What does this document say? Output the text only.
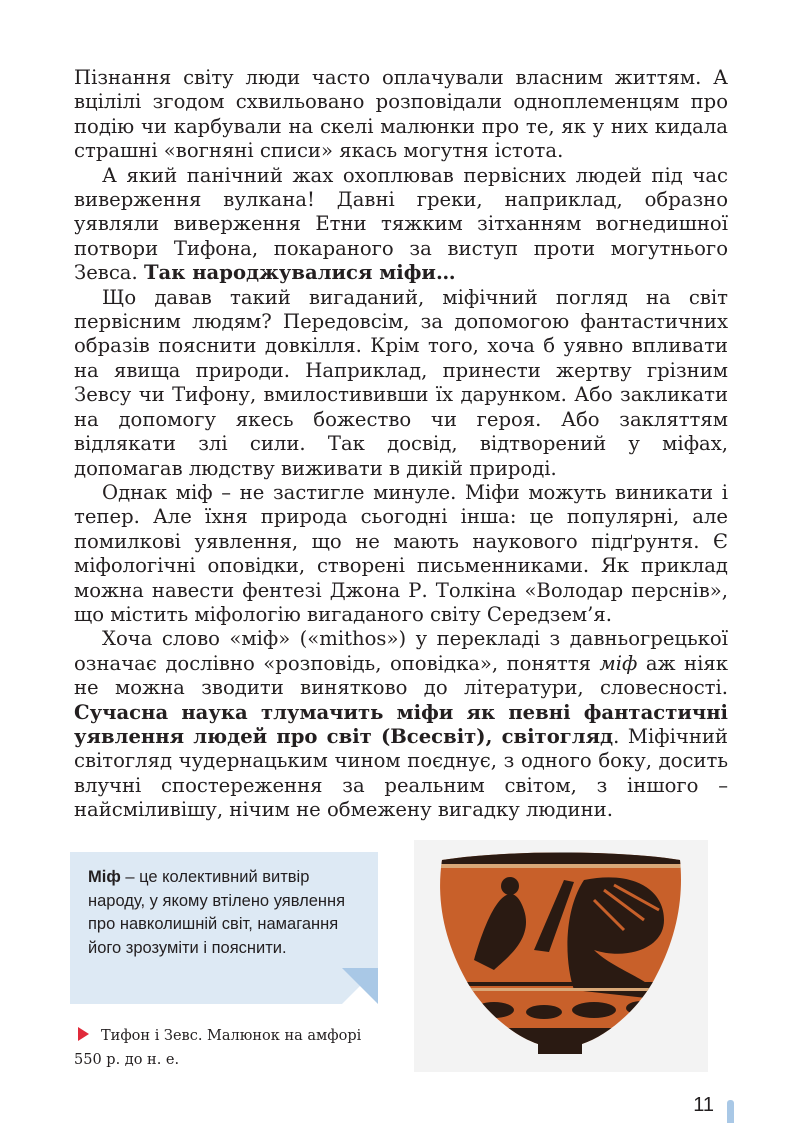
Пізнання світу люди часто оплачували власним життям. А вцілілі згодом схвильовано розповідали одноплеменцям про подію чи карбували на скелі малюнки про те, як у них кидала страшні «вогняні списи» якась могутня істота.

А який панічний жах охоплював первісних людей під час виверження вулкана! Давні греки, наприклад, образно уявляли виверження Етни тяжким зітханням вогнедишної потвори Тифона, покараного за виступ проти могутнього Зевса. Так народжувалися міфи…

Що давав такий вигаданий, міфічний погляд на світ первісним людям? Передовсім, за допомогою фантастичних образів пояснити довкілля. Крім того, хоча б уявно впливати на явища природи. Наприклад, принести жертву грізним Зевсу чи Тифону, вмилостививши їх дарунком. Або закликати на допомогу якесь божество чи героя. Або закляттям відлякати злі сили. Так досвід, відтворений у міфах, допомагав людству виживати в дикій природі.

Однак міф – не застигле минуле. Міфи можуть виникати і тепер. Але їхня природа сьогодні інша: це популярні, але помилкові уявлення, що не мають наукового підґрунтя. Є міфологічні оповідки, створені письменниками. Як приклад можна навести фентезі Джона Р. Толкіна «Володар перснів», що містить міфологію вигаданого світу Середзем’я.

Хоча слово «міф» («mithos») у перекладі з давньогрецької означає дослівно «розповідь, оповідка», поняття міф аж ніяк не можна зводити винятково до літератури, словесності. Сучасна наука тлумачить міфи як певні фантастичні уявлення людей про світ (Всесвіт), світогляд. Міфічний світогляд чудернацьким чином поєднує, з одного боку, досить влучні спостереження за реальним світом, з іншого – найсміливішу, нічим не обмежену вигадку людини.

Міф – це колективний витвір народу, у якому втілено уявлення про навколишній світ, намагання його зрозуміти і пояснити.
Тифон і Зевс. Малюнок на амфорі
550 р. до н. е.
11
